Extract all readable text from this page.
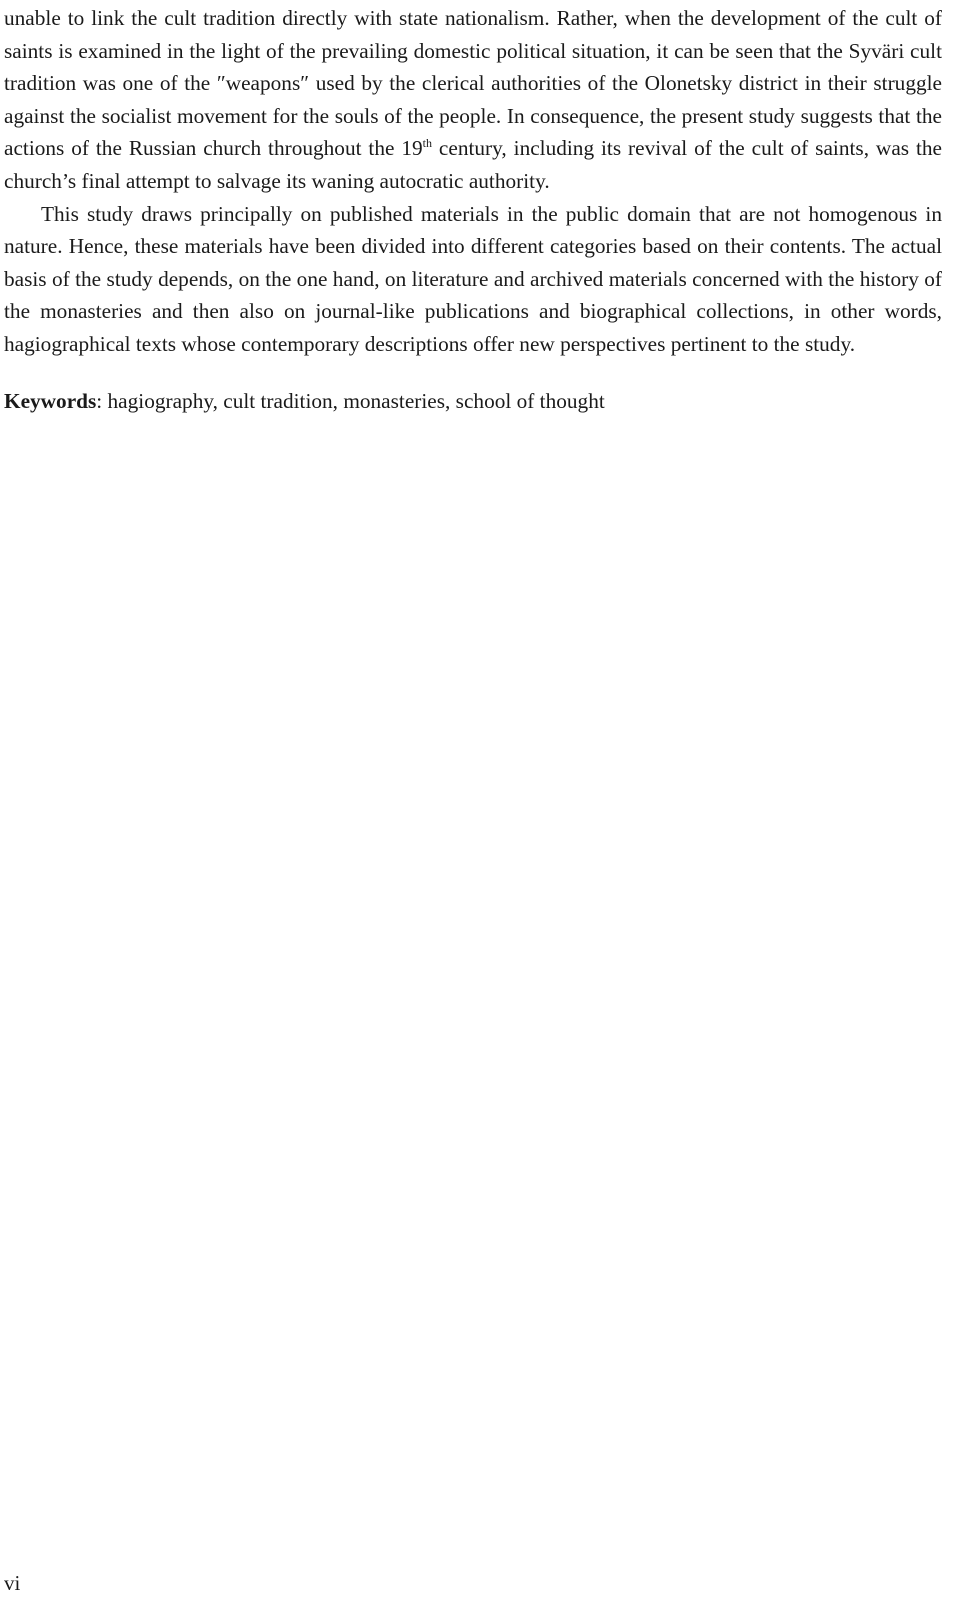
unable to link the cult tradition directly with state nationalism. Rather, when the development of the cult of saints is examined in the light of the prevailing domestic political situation, it can be seen that the Syväri cult tradition was one of the ″weapons″ used by the clerical authorities of the Olonetsky district in their struggle against the socialist movement for the souls of the people. In consequence, the present study suggests that the actions of the Russian church throughout the 19th century, including its revival of the cult of saints, was the church’s final attempt to salvage its waning autocratic authority.

This study draws principally on published materials in the public domain that are not homogenous in nature. Hence, these materials have been divided into different categories based on their contents. The actual basis of the study depends, on the one hand, on literature and archived materials concerned with the history of the monasteries and then also on journal-like publications and biographical collections, in other words, hagiographical texts whose contemporary descriptions offer new perspectives pertinent to the study.

Keywords: hagiography, cult tradition, monasteries, school of thought

vi
